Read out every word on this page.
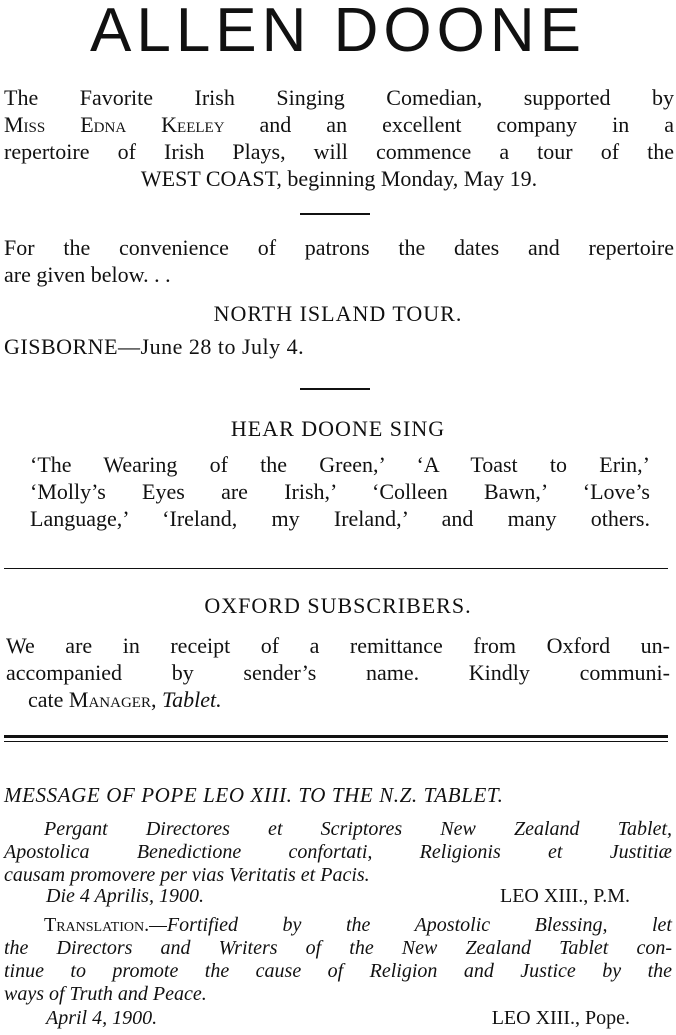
ALLEN DOONE
The Favorite Irish Singing Comedian, supported by
Miss Edna Keeley and an excellent company in a
repertoire of Irish Plays, will commence a tour of the
WEST COAST, beginning Monday, May 19.
For the convenience of patrons the dates and repertoire
are given below. . .
NORTH ISLAND TOUR.
GISBORNE—June 28 to July 4.
HEAR DOONE SING
‘The Wearing of the Green,’ ‘A Toast to Erin,’
‘Molly’s Eyes are Irish,’ ‘Colleen Bawn,’ ‘Love’s
Language,’ ‘Ireland, my Ireland,’ and many others.
OXFORD SUBSCRIBERS.
We are in receipt of a remittance from Oxford un-
accompanied by sender’s name. Kindly communi-
cate Manager, Tablet.
MESSAGE OF POPE LEO XIII. TO THE N.Z. TABLET.
Pergant Directores et Scriptores New Zealand Tablet,
Apostolica Benedictione confortati, Religionis et Justitiæ
causam promovere per vias Veritatis et Pacis.
Die 4 Aprilis, 1900.	LEO XIII., P.M.
Translation.—Fortified by the Apostolic Blessing, let
the Directors and Writers of the New Zealand Tablet con-
tinue to promote the cause of Religion and Justice by the
ways of Truth and Peace.
April 4, 1900.	LEO XIII., Pope.
